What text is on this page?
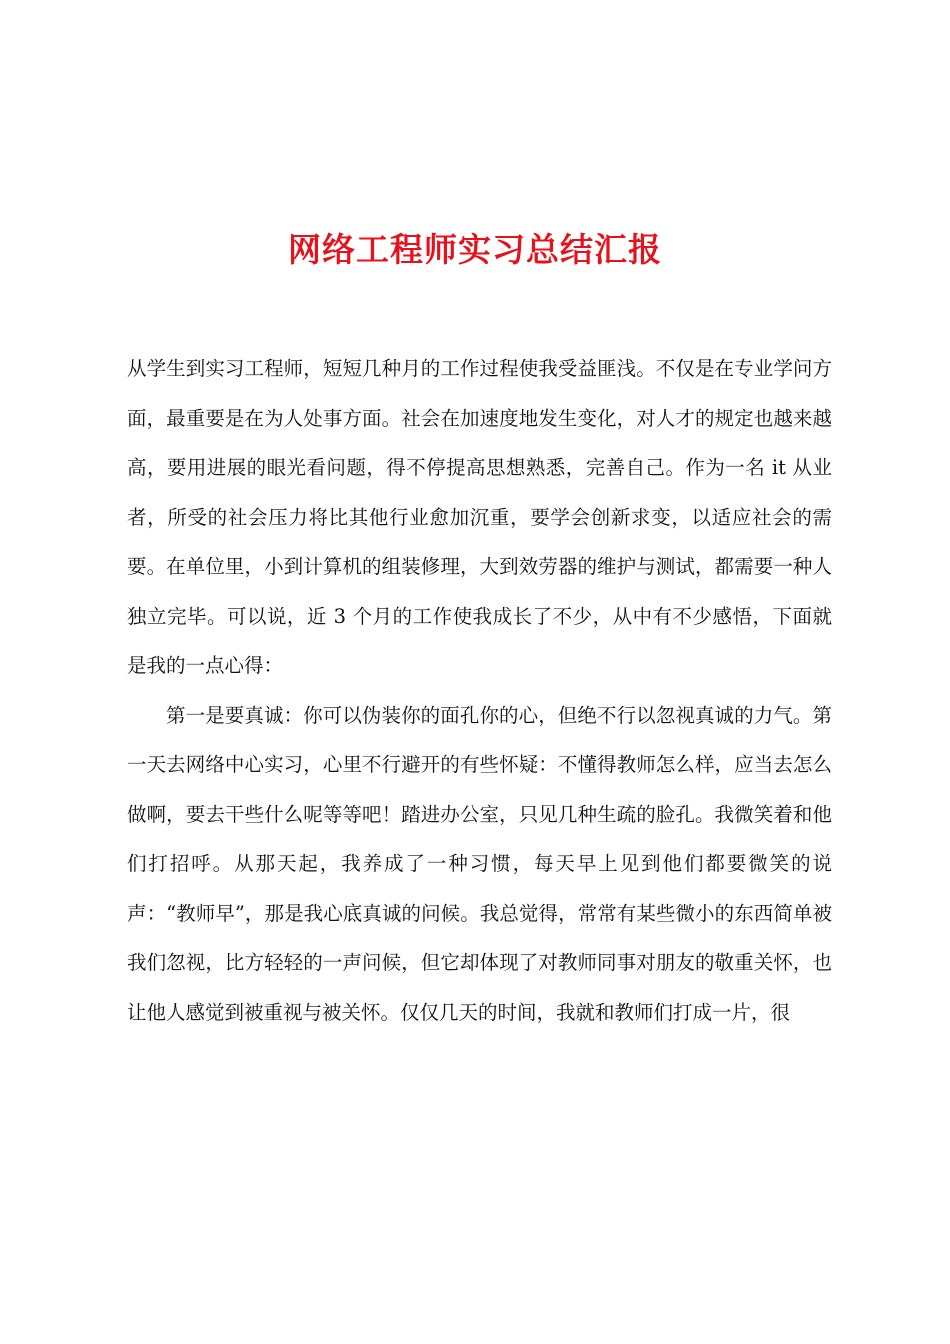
网络工程师实习总结汇报

从学生到实习工程师，短短几种月的工作过程使我受益匪浅。不仅是在专业学问方面，最重要是在为人处事方面。社会在加速度地发生变化，对人才的规定也越来越高，要用进展的眼光看问题，得不停提高思想熟悉，完善自己。作为一名 it 从业者，所受的社会压力将比其他行业愈加沉重，要学会创新求变，以适应社会的需要。在单位里，小到计算机的组装修理，大到效劳器的维护与测试，都需要一种人独立完毕。可以说，近 3 个月的工作使我成长了不少，从中有不少感悟，下面就是我的一点心得：

第一是要真诚：你可以伪装你的面孔你的心，但绝不行以忽视真诚的力气。第一天去网络中心实习，心里不行避开的有些怀疑：不懂得教师怎么样，应当去怎么做啊，要去干些什么呢等等吧！踏进办公室，只见几种生疏的脸孔。我微笑着和他们打招呼。从那天起，我养成了一种习惯，每天早上见到他们都要微笑的说声：“教师早”，那是我心底真诚的问候。我总觉得，常常有某些微小的东西简单被我们忽视，比方轻轻的一声问候，但它却体现了对教师同事对朋友的敬重关怀，也让他人感觉到被重视与被关怀。仅仅几天的时间，我就和教师们打成一片，很
